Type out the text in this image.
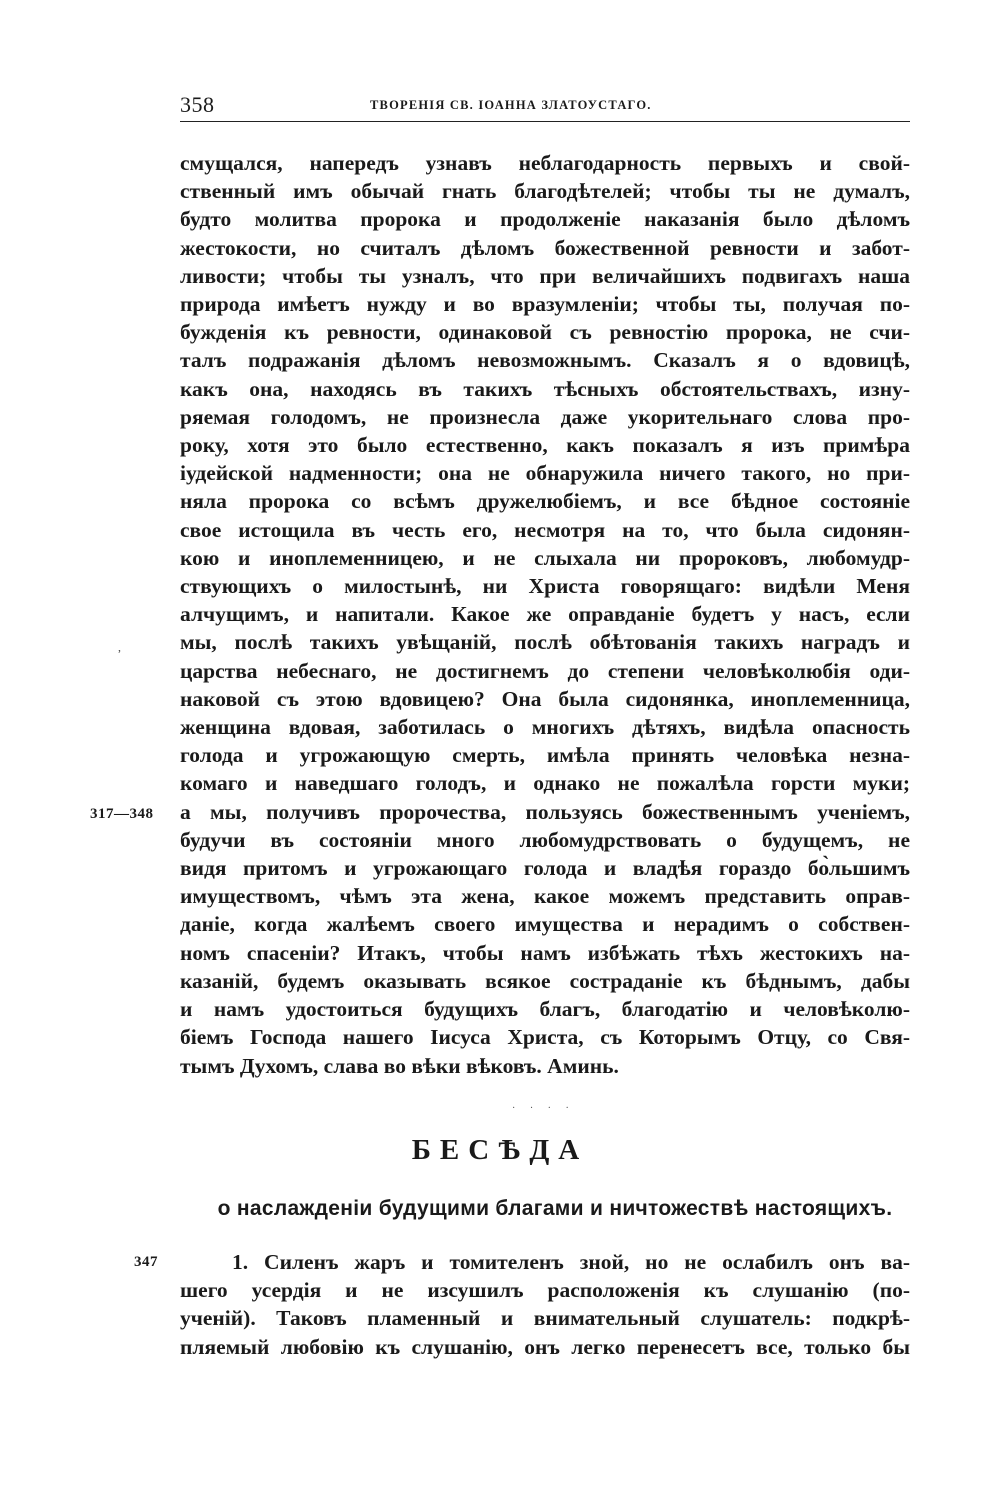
358	ТВОРЕНІЯ СВ. ІОАННА ЗЛАТОУСТАГО.
смущался, напередъ узнавъ неблагодарность первыхъ и свой-
ственный имъ обычай гнать благодѣтелей; чтобы ты не думалъ,
будто молитва пророка и продолженіе наказанія было дѣломъ
жестокости, но считалъ дѣломъ божественной ревности и забот-
ливости; чтобы ты узналъ, что при величайшихъ подвигахъ наша
природа имѣетъ нужду и во вразумленіи; чтобы ты, получая по-
бужденія къ ревности, одинаковой съ ревностію пророка, не счи-
талъ подражанія дѣломъ невозможнымъ. Сказалъ я о вдовицѣ,
какъ она, находясь въ такихъ тѣсныхъ обстоятельствахъ, изну-
ряемая голодомъ, не произнесла даже укорительнаго слова про-
року, хотя это было естественно, какъ показалъ я изъ примѣра
іудейской надменности; она не обнаружила ничего такого, но при-
няла пророка со всѣмъ дружелюбіемъ, и все бѣдное состояніе
свое истощила въ честь его, несмотря на то, что была сидонян-
кою и иноплеменницею, и не слыхала ни пророковъ, любомудр-
ствующихъ о милостынѣ, ни Христа говорящаго: видѣли Меня
алчущимъ, и напитали. Какое же оправданіе будетъ у насъ, если
мы, послѣ такихъ увѣщаній, послѣ обѣтованія такихъ наградъ и
царства небеснаго, не достигнемъ до степени человѣколюбія оди-
наковой съ этою вдовицею? Она была сидонянка, иноплеменница,
женщина вдовая, заботилась о многихъ дѣтяхъ, видѣла опасность
голода и угрожающую смерть, имѣла принять человѣка незна-
комаго и наведшаго голодъ, и однако не пожалѣла горсти муки;
а мы, получивъ пророчества, пользуясь божественнымъ ученіемъ,
будучи въ состояніи много любомудрствовать о будущемъ, не
видя притомъ и угрожающаго голода и владѣя гораздо бо̀льшимъ
имуществомъ, чѣмъ эта жена, какое можемъ представить оправ-
даніе, когда жалѣемъ своего имущества и нерадимъ о собствен-
номъ спасеніи? Итакъ, чтобы намъ избѣжать тѣхъ жестокихъ на-
казаній, будемъ оказывать всякое сострадaніе къ бѣднымъ, дабы
и намъ удостоиться будущихъ благъ, благодатію и человѣколю-
біемъ Господа нашего Іисуса Христа, съ Которымъ Отцу, со Свя-
тымъ Духомъ, слава во вѣки вѣковъ. Аминь.
317—348
,
· · · ·
БЕСѢДА
о наслажденіи будущими благами и ничтожествѣ настоящихъ.
347	1. Силенъ жаръ и томителенъ зной, но не ослабилъ онъ ва-
шего усердія и не изсушилъ расположенія къ слушанію (по-
ученій). Таковъ пламенный и внимательный слушатель: подкрѣ-
пляемый любовію къ слушанію, онъ легко перенесетъ все, только бы
